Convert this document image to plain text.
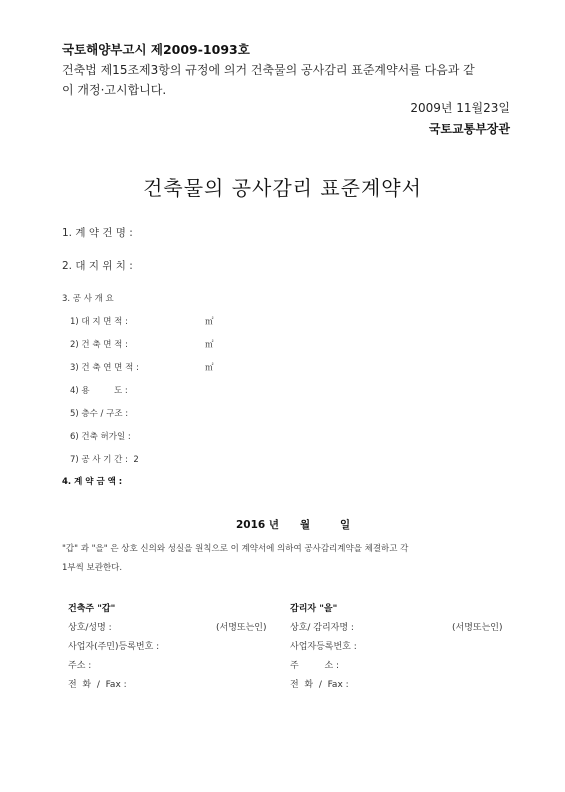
국토해양부고시 제2009-1093호
건축법 제15조제3항의 규정에 의거 건축물의 공사감리 표준계약서를 다음과 같
이 개정·고시합니다.
2009년 11월23일
국토교통부장관
건축물의 공사감리 표준계약서
1. 계 약 건 명 :
2. 대 지 위 치 :
3. 공 사 개 요
1) 대 지 면 적 :	㎡
2) 건 축 면 적 :	㎡
3) 건 축 연 면 적 :	㎡
4) 용         도 :
5) 층수 / 구조 :
6) 건축 허가일 :
7) 공 사 기 간 :  2
4. 계 약 금 액 :
2016 년 월	일
"갑" 과 "을" 은 상호 신의와 성실을 원칙으로 이 계약서에 의하여 공사감리계약을 체결하고 각
1부씩 보관한다.
건축주 "갑"
상호/성명 :	(서명또는인)
사업자(주민)등록번호 :
주소 :
전  화  /  Fax :
감리자 "을"
상호/ 감리자명 :	(서명또는인)
사업자등록번호 :
주         소 :
전  화  /  Fax :
